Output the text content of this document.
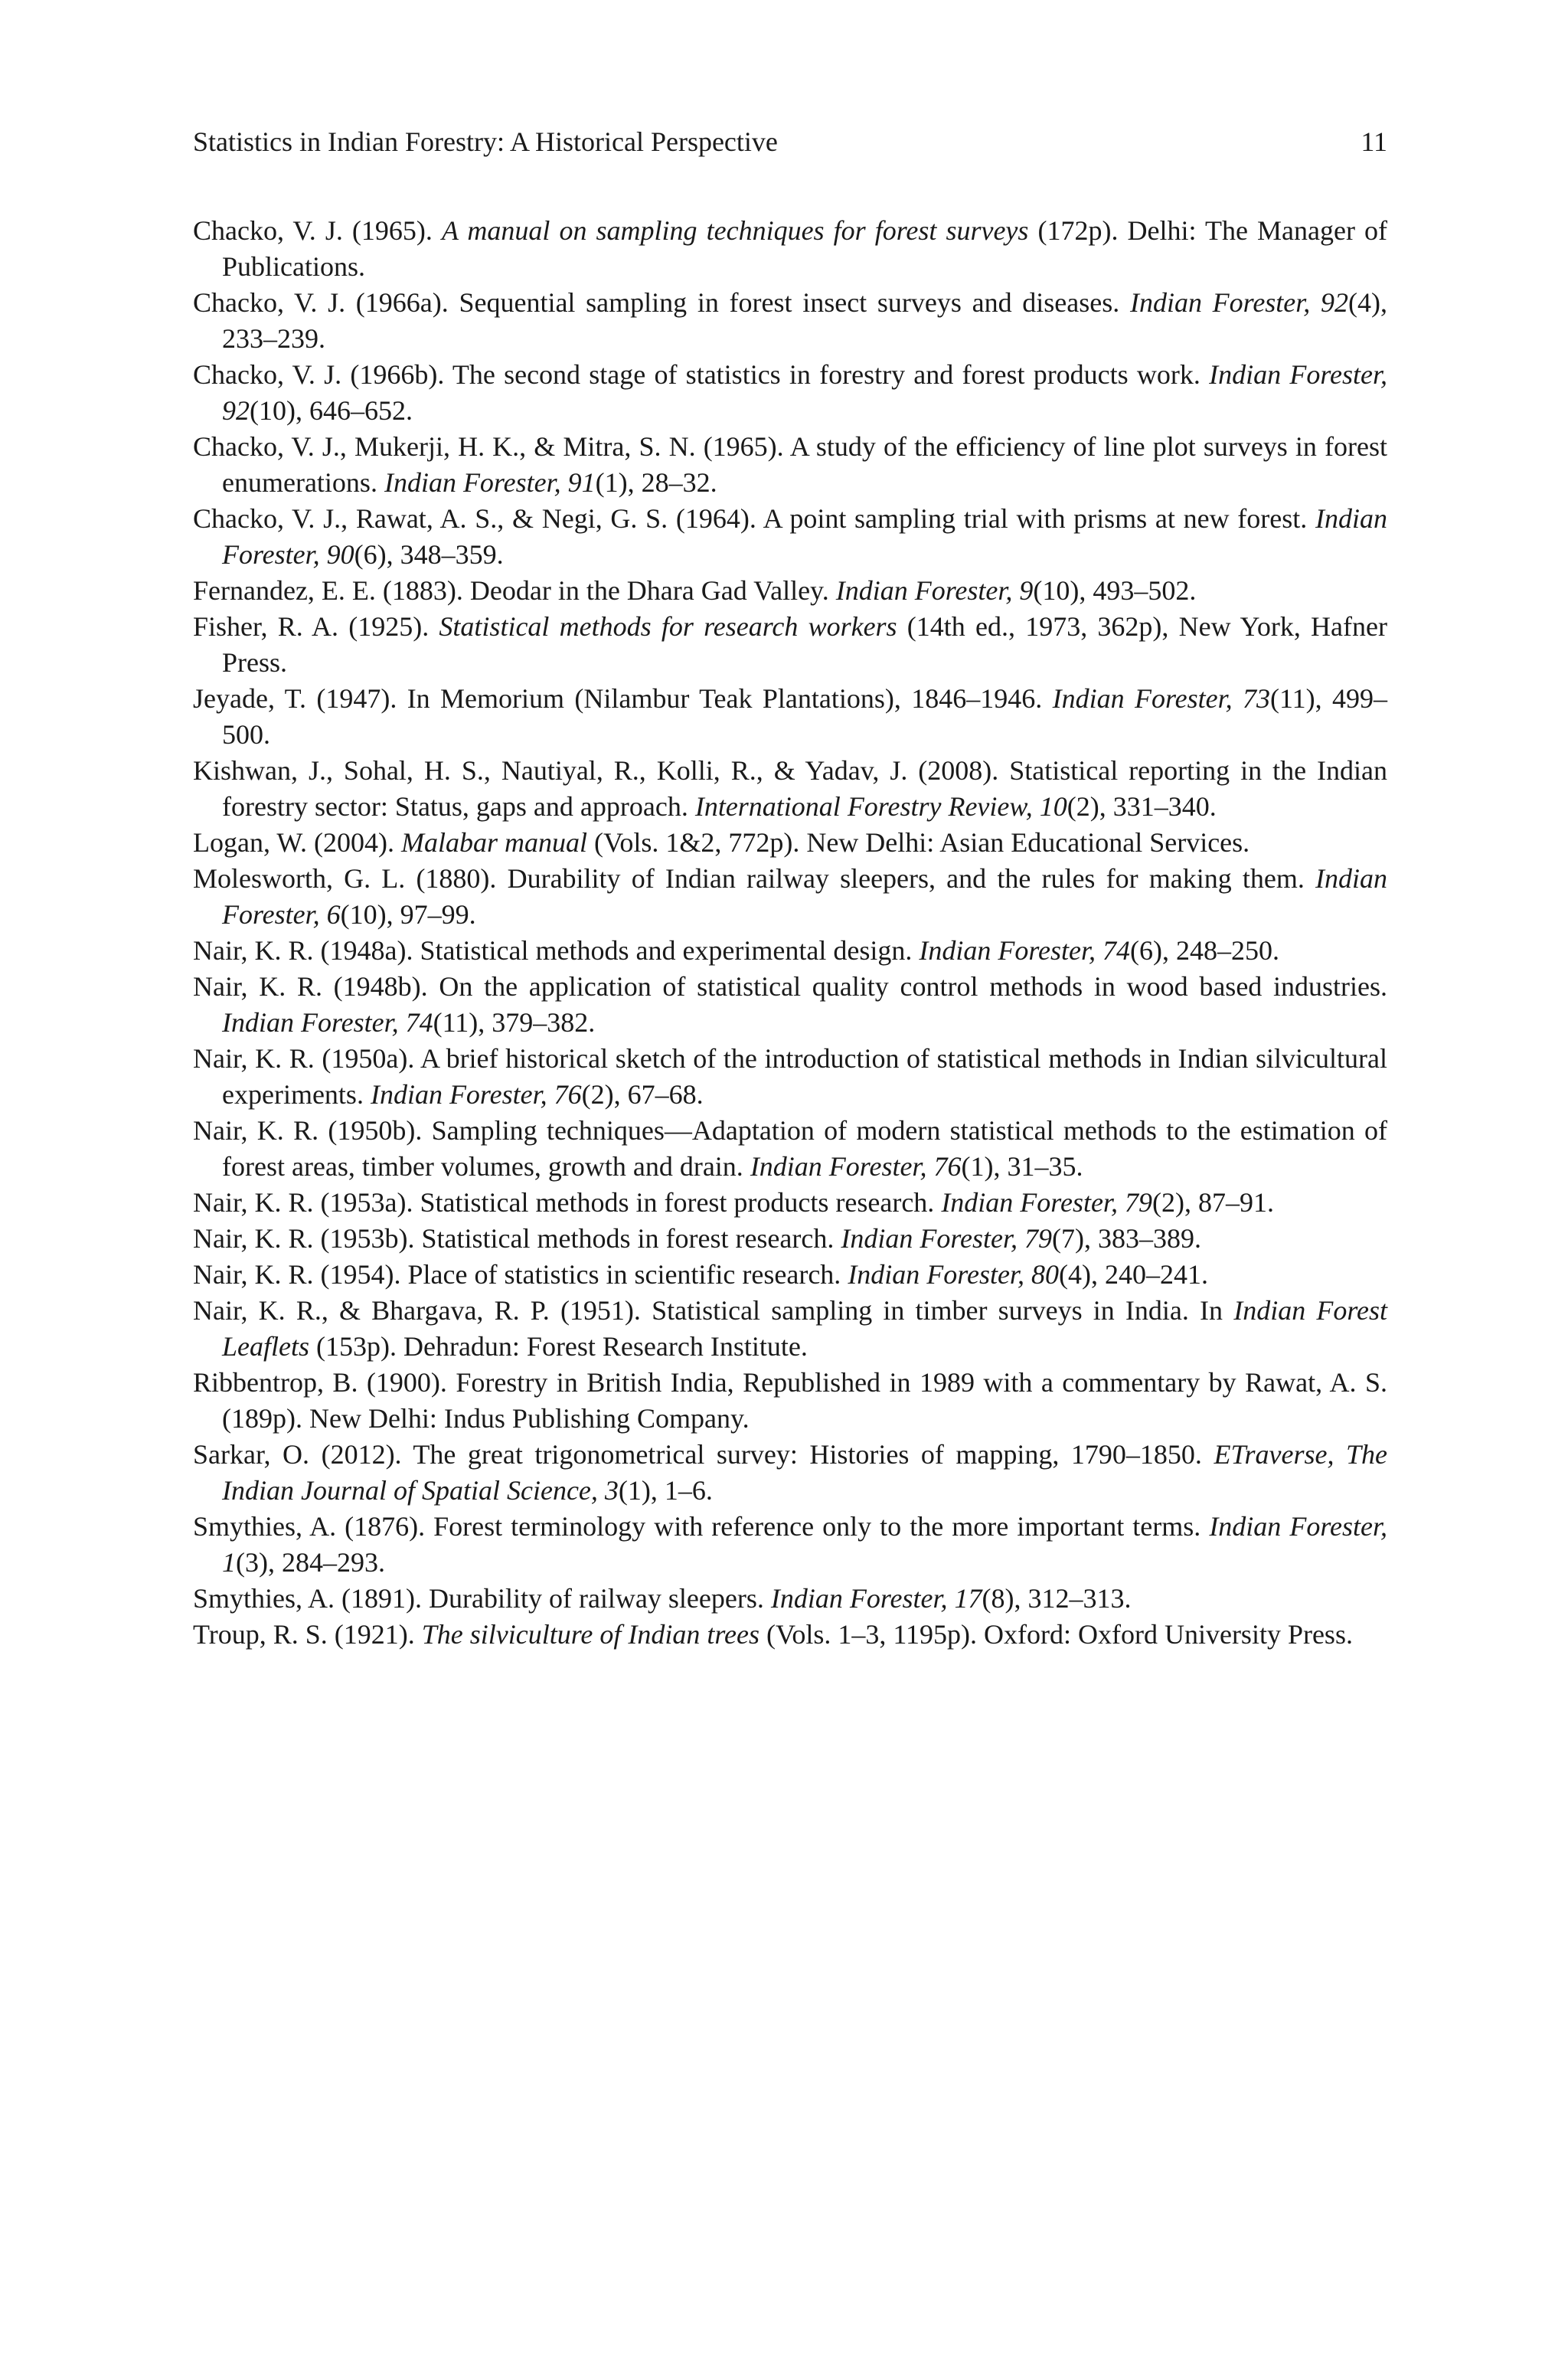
Statistics in Indian Forestry: A Historical Perspective	11
Chacko, V. J. (1965). A manual on sampling techniques for forest surveys (172p). Delhi: The Manager of Publications.
Chacko, V. J. (1966a). Sequential sampling in forest insect surveys and diseases. Indian Forester, 92(4), 233–239.
Chacko, V. J. (1966b). The second stage of statistics in forestry and forest products work. Indian Forester, 92(10), 646–652.
Chacko, V. J., Mukerji, H. K., & Mitra, S. N. (1965). A study of the efficiency of line plot surveys in forest enumerations. Indian Forester, 91(1), 28–32.
Chacko, V. J., Rawat, A. S., & Negi, G. S. (1964). A point sampling trial with prisms at new forest. Indian Forester, 90(6), 348–359.
Fernandez, E. E. (1883). Deodar in the Dhara Gad Valley. Indian Forester, 9(10), 493–502.
Fisher, R. A. (1925). Statistical methods for research workers (14th ed., 1973, 362p), New York, Hafner Press.
Jeyade, T. (1947). In Memorium (Nilambur Teak Plantations), 1846–1946. Indian Forester, 73(11), 499–500.
Kishwan, J., Sohal, H. S., Nautiyal, R., Kolli, R., & Yadav, J. (2008). Statistical reporting in the Indian forestry sector: Status, gaps and approach. International Forestry Review, 10(2), 331–340.
Logan, W. (2004). Malabar manual (Vols. 1&2, 772p). New Delhi: Asian Educational Services.
Molesworth, G. L. (1880). Durability of Indian railway sleepers, and the rules for making them. Indian Forester, 6(10), 97–99.
Nair, K. R. (1948a). Statistical methods and experimental design. Indian Forester, 74(6), 248–250.
Nair, K. R. (1948b). On the application of statistical quality control methods in wood based industries. Indian Forester, 74(11), 379–382.
Nair, K. R. (1950a). A brief historical sketch of the introduction of statistical methods in Indian silvicultural experiments. Indian Forester, 76(2), 67–68.
Nair, K. R. (1950b). Sampling techniques—Adaptation of modern statistical methods to the estimation of forest areas, timber volumes, growth and drain. Indian Forester, 76(1), 31–35.
Nair, K. R. (1953a). Statistical methods in forest products research. Indian Forester, 79(2), 87–91.
Nair, K. R. (1953b). Statistical methods in forest research. Indian Forester, 79(7), 383–389.
Nair, K. R. (1954). Place of statistics in scientific research. Indian Forester, 80(4), 240–241.
Nair, K. R., & Bhargava, R. P. (1951). Statistical sampling in timber surveys in India. In Indian Forest Leaflets (153p). Dehradun: Forest Research Institute.
Ribbentrop, B. (1900). Forestry in British India, Republished in 1989 with a commentary by Rawat, A. S. (189p). New Delhi: Indus Publishing Company.
Sarkar, O. (2012). The great trigonometrical survey: Histories of mapping, 1790–1850. ETraverse, The Indian Journal of Spatial Science, 3(1), 1–6.
Smythies, A. (1876). Forest terminology with reference only to the more important terms. Indian Forester, 1(3), 284–293.
Smythies, A. (1891). Durability of railway sleepers. Indian Forester, 17(8), 312–313.
Troup, R. S. (1921). The silviculture of Indian trees (Vols. 1–3, 1195p). Oxford: Oxford University Press.
